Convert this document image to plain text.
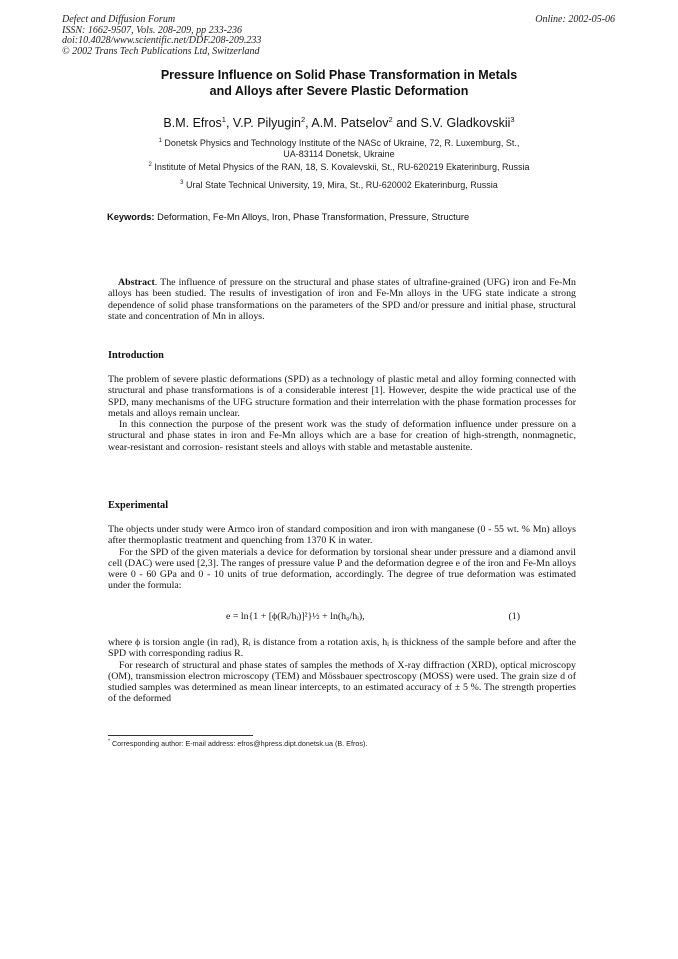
Defect and Diffusion Forum
ISSN: 1662-9507, Vols. 208-209, pp 233-236
doi:10.4028/www.scientific.net/DDF.208-209.233
© 2002 Trans Tech Publications Ltd, Switzerland
Online: 2002-05-06
Pressure Influence on Solid Phase Transformation in Metals
and Alloys after Severe Plastic Deformation
B.M. Efros$^1$, V.P. Pilyugin$^2$, A.M. Patselov$^2$ and S.V. Gladkovskii$^3$
$^1$ Donetsk Physics and Technology Institute of the NASc of Ukraine, 72, R. Luxemburg, St.,
UA-83114 Donetsk, Ukraine
$^2$ Institute of Metal Physics of the RAN, 18, S. Kovalevskii, St., RU-620219 Ekaterinburg, Russia
$^3$ Ural State Technical University, 19, Mira, St., RU-620002 Ekaterinburg, Russia
Keywords: Deformation, Fe-Mn Alloys, Iron, Phase Transformation, Pressure, Structure

Abstract. The influence of pressure on the structural and phase states of ultrafine-grained (UFG) iron and Fe-Mn alloys has been studied. The results of investigation of iron and Fe-Mn alloys in the UFG state indicate a strong dependence of solid phase transformations on the parameters of the SPD and/or pressure and initial phase, structural state and concentration of Mn in alloys.

Introduction

The problem of severe plastic deformations (SPD) as a technology of plastic metal and alloy forming connected with structural and phase transformations is of a considerable interest [1]. However, despite the wide practical use of the SPD, many mechanisms of the UFG structure formation and their interrelation with the phase formation processes for metals and alloys remain unclear.

In this connection the purpose of the present work was the study of deformation influence under pressure on a structural and phase states in iron and Fe-Mn alloys which are a base for creation of high-strength, nonmagnetic, wear-resistant and corrosion- resistant steels and alloys with stable and metastable austenite.

Experimental

The objects under study were Armco iron of standard composition and iron with manganese (0 - 55 wt. % Mn) alloys after thermoplastic treatment and quenching from 1370 K in water.

For the SPD of the given materials a device for deformation by torsional shear under pressure and a diamond anvil cell (DAC) were used [2,3]. The ranges of pressure value P and the deformation degree e of the iron and Fe-Mn alloys were 0 - 60 GPa and 0 - 10 units of true deformation, accordingly. The degree of true deformation was estimated under the formula:

e = ln{1 + [ϕ(Rᵢ/hᵢ)]²}½ + ln(h₀/hᵢ),	(1)

where ϕ is torsion angle (in rad), Rᵢ is distance from a rotation axis, hᵢ is thickness of the sample before and after the SPD with corresponding radius R.

For research of structural and phase states of samples the methods of X-ray diffraction (XRD), optical microscopy (OM), transmission electron microscopy (TEM) and Mössbauer spectroscopy (MOSS) were used. The grain size d of studied samples was determined as mean linear intercepts, to an estimated accuracy of ± 5 %. The strength properties of the deformed

* Corresponding author: E-mail address: efros@hpress.dipt.donetsk.ua (B. Efros).
